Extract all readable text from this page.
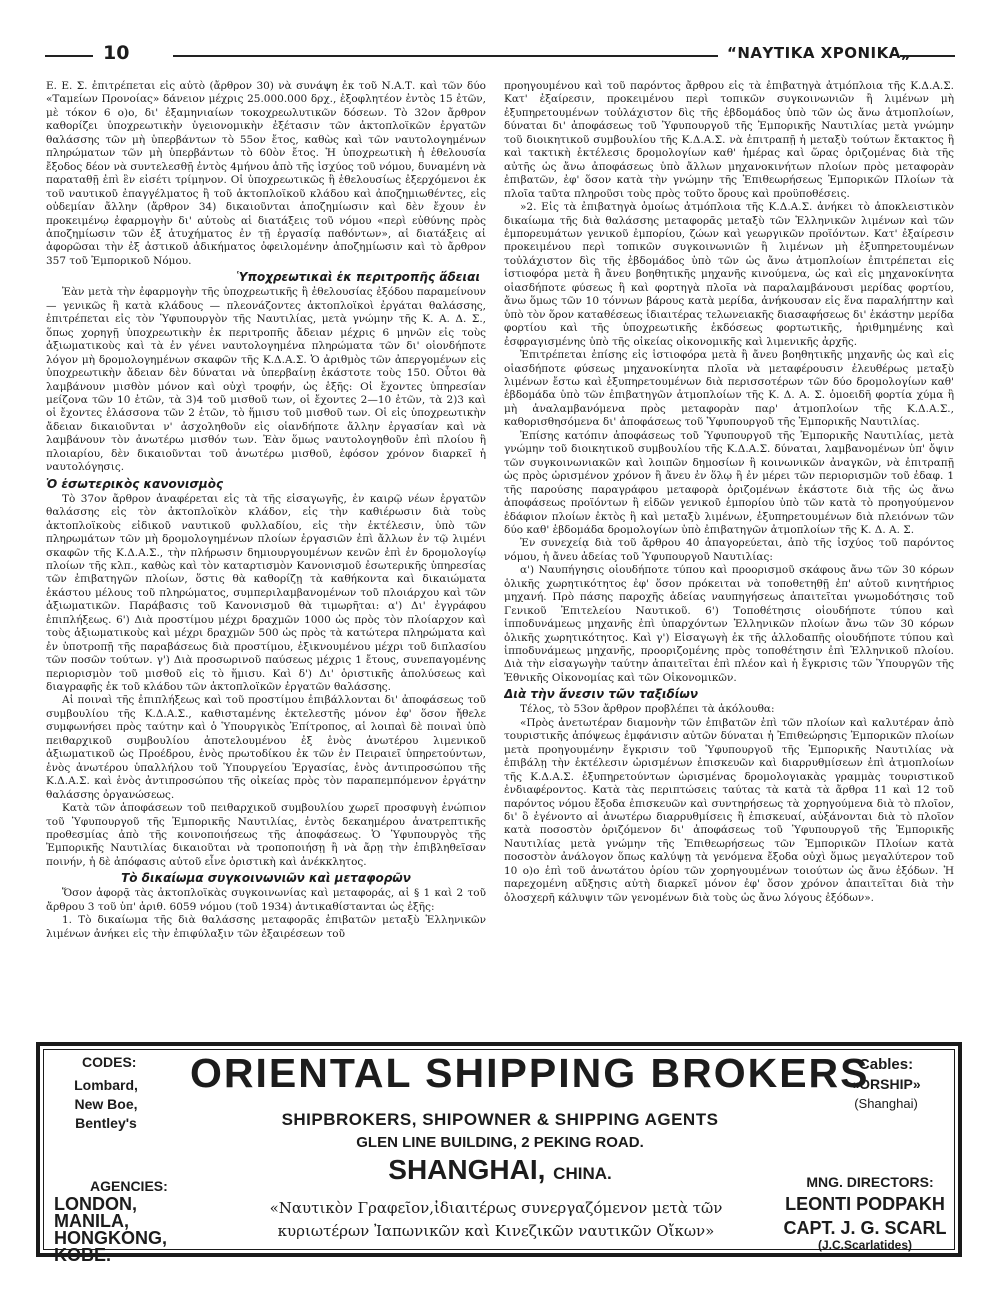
10	“ΝΑΥΤΙΚΑ ΧΡΟΝΙΚΑ„

Ε. Ε. Σ. ἐπιτρέπεται εἰς αὐτὸ (ἄρθρον 30) νὰ συνάψη ἐκ τοῦ Ν.Α.Τ. καὶ τῶν δύο «Ταμείων Προνοίας» δάνειον μέχρις 25.000.000 δρχ., ἐξοφλητέον ἐντὸς 15 ἐτῶν, μὲ τόκον 6 ο)ο, δι' ἐξαμηνιαίων τοκοχρεωλυτικῶν δόσεων. Τὸ 32ον ἄρθρον καθορίζει ὑποχρεωτικὴν ὑγειονομικὴν ἐξέτασιν τῶν ἀκτοπλοϊκῶν ἐργατῶν θαλάσσης τῶν μὴ ὑπερβάντων τὸ 55ον ἔτος, καθὼς καὶ τῶν ναυτολογημένων πληρώματων τῶν μὴ ὑπερβάντων τὸ 60ὸν ἔτος. Ἡ ὑποχρεωτικὴ ἡ ἐθελουσία ἔξοδος δέον νὰ συντελεσθῇ ἐντὸς 4μήνου ἀπὸ τῆς ἰσχύος τοῦ νόμου, δυναμένη νὰ παραταθῇ ἐπὶ ἓν εἰσέτι τρίμηνον. Οἱ ὑποχρεωτικῶς ἢ ἐθελουσίως ἐξερχόμενοι ἐκ τοῦ ναυτικοῦ ἐπαγγέλματος ἢ τοῦ ἀκτοπλοϊκοῦ κλάδου καὶ ἀποζημιωθέντες, εἰς οὐδεμίαν ἄλλην (ἄρθρον 34) δικαιοῦνται ἀποζημίωσιν καὶ δὲν ἔχουν ἐν προκειμένῳ ἐφαρμογὴν δι' αὐτοὺς αἱ διατάξεις τοῦ νόμου «περὶ εὐθύνης πρὸς ἀποζημίωσιν τῶν ἐξ ἀτυχήματος ἐν τῇ ἐργασίᾳ παθόντων», αἱ διατάξεις αἱ ἀφορῶσαι τὴν ἐξ ἀστικοῦ ἀδικήματος ὀφειλομένην ἀποζημίωσιν καὶ τὸ ἄρθρον 357 τοῦ Ἐμπορικοῦ Νόμου.

Ὑποχρεωτικαὶ ἐκ περιτροπῆς ἄδειαι

Ἐὰν μετὰ τὴν ἐφαρμογὴν τῆς ὑποχρεωτικῆς ἢ ἐθελουσίας ἐξόδου παραμείνουν — γενικῶς ἢ κατὰ κλάδους — πλεονάζοντες ἀκτοπλοϊκοὶ ἐργάται θαλάσσης, ἐπιτρέπεται εἰς τὸν Ὑφυπουργὸν τῆς Ναυτιλίας, μετὰ γνώμην τῆς Κ. Α. Δ. Σ., ὅπως χορηγῇ ὑποχρεωτικὴν ἐκ περιτροπῆς ἄδειαν μέχρις 6 μηνῶν εἰς τοὺς ἀξιωματικοὺς καὶ τὰ ἐν γένει ναυτολογημένα πληρώματα τῶν δι' οἱονδήποτε λόγον μὴ δρομολογημένων σκαφῶν τῆς Κ.Δ.Α.Σ. Ὁ ἀριθμὸς τῶν ἀπεργομένων εἰς ὑποχρεωτικὴν ἄδειαν δὲν δύναται νὰ ὑπερβαίνῃ ἑκάστοτε τοὺς 150. Οὗτοι θὰ λαμβάνουν μισθὸν μόνον καὶ οὐχὶ τροφήν, ὡς ἑξῆς: Οἱ ἔχοντες ὑπηρεσίαν μείζονα τῶν 10 ἐτῶν, τὰ 3)4 τοῦ μισθοῦ των, οἱ ἔχοντες 2—10 ἐτῶν, τὰ 2)3 καὶ οἱ ἔχοντες ἐλάσσονα τῶν 2 ἐτῶν, τὸ ἥμισυ τοῦ μισθοῦ των. Οἱ εἰς ὑποχρεωτικὴν ἄδειαν δικαιοῦνται ν' ἀσχοληθοῦν εἰς οἱανδήποτε ἄλλην ἐργασίαν καὶ νὰ λαμβάνουν τὸν ἀνωτέρω μισθόν των. Ἐὰν ὅμως ναυτολογηθοῦν ἐπὶ πλοίου ἢ πλοιαρίου, δὲν δικαιοῦνται τοῦ ἀνωτέρω μισθοῦ, ἐφόσον χρόνον διαρκεῖ ἡ ναυτολόγησις.

Ὁ ἐσωτερικὸς κανονισμὸς

Τὸ 37ον ἄρθρον ἀναφέρεται εἰς τὰ τῆς εἰσαγωγῆς, ἐν καιρῷ νέων ἐργατῶν θαλάσσης εἰς τὸν ἀκτοπλοϊκὸν κλάδον, εἰς τὴν καθιέρωσιν διὰ τοὺς ἀκτοπλοϊκοὺς εἰδικοῦ ναυτικοῦ φυλλαδίου, εἰς τὴν ἐκτέλεσιν, ὑπὸ τῶν πληρωμάτων τῶν μὴ δρομολογημένων πλοίων ἐργασιῶν ἐπὶ ἄλλων ἐν τῷ λιμένι σκαφῶν τῆς Κ.Δ.Α.Σ., τὴν πλήρωσιν δημιουργουμένων κενῶν ἐπὶ ἐν δρομολογίῳ πλοίων τῆς κλπ., καθὼς καὶ τὸν καταρτισμὸν Κανονισμοῦ ἐσωτερικῆς ὑπηρεσίας τῶν ἐπιβατηγῶν πλοίων, ὅστις θὰ καθορίζῃ τὰ καθήκοντα καὶ δικαιώματα ἑκάστου μέλους τοῦ πληρώματος, συμπεριλαμβανομένων τοῦ πλοιάρχου καὶ τῶν ἀξιωματικῶν. Παράβασις τοῦ Κανονισμοῦ θὰ τιμωρῆται: α') Δι' ἐγγράφου ἐπιπλήξεως. 6') Διὰ προστίμου μέχρι δραχμῶν 1000 ὡς πρὸς τὸν πλοίαρχον καὶ τοὺς ἀξιωματικοὺς καὶ μέχρι δραχμῶν 500 ὡς πρὸς τὰ κατώτερα πληρώματα καὶ ἐν ὑποτροπῇ τῆς παραβάσεως διὰ προστίμου, ἐξικνουμένου μέχρι τοῦ διπλασίου τῶν ποσῶν τούτων. γ') Διὰ προσωρινοῦ παύσεως μέχρις 1 ἔτους, συνεπαγομένης περιορισμὸν τοῦ μισθοῦ εἰς τὸ ἥμισυ. Καὶ δ') Δι' ὁριστικῆς ἀπολύσεως καὶ διαγραφῆς ἐκ τοῦ κλάδου τῶν ἀκτοπλοϊκῶν ἐργατῶν θαλάσσης.

Αἱ ποιναὶ τῆς ἐπιπλήξεως καὶ τοῦ προστίμου ἐπιβάλλονται δι' ἀποφάσεως τοῦ συμβουλίου τῆς Κ.Δ.Α.Σ., καθισταμένης ἐκτελεστῆς μόνον ἐφ' ὅσον ἤθελε συμφωνήσει πρὸς ταύτην καὶ ὁ Ὑπουργικὸς Ἐπίτροπος, αἱ λοιπαὶ δὲ ποιναὶ ὑπὸ πειθαρχικοῦ συμβουλίου ἀποτελουμένου ἐξ ἑνὸς ἀνωτέρου λιμενικοῦ ἀξιωματικοῦ ὡς Προέδρου, ἑνὸς πρωτοδίκου ἐκ τῶν ἐν Πειραιεῖ ὑπηρετούντων, ἑνὸς ἀνωτέρου ὑπαλλήλου τοῦ Ὑπουργείου Ἐργασίας, ἑνὸς ἀντιπροσώπου τῆς Κ.Δ.Α.Σ. καὶ ἑνὸς ἀντιπροσώπου τῆς οἰκείας πρὸς τὸν παραπεμπόμενον ἐργάτην θαλάσσης ὀργανώσεως.

Κατὰ τῶν ἀποφάσεων τοῦ πειθαρχικοῦ συμβουλίου χωρεῖ προσφυγὴ ἐνώπιον τοῦ Ὑφυπουργοῦ τῆς Ἐμπορικῆς Ναυτιλίας, ἐντὸς δεκαημέρου ἀνατρεπτικῆς προθεσμίας ἀπὸ τῆς κοινοποιήσεως τῆς ἀποφάσεως. Ὁ Ὑφυπουργὸς τῆς Ἐμπορικῆς Ναυτιλίας δικαιοῦται νὰ τροποποιήσῃ ἢ νὰ ἄρῃ τὴν ἐπιβληθεῖσαν ποινήν, ἡ δὲ ἀπόφασις αὐτοῦ εἶνε ὁριστικὴ καὶ ἀνέκκλητος.

Τὸ δικαίωμα συγκοινωνιῶν καὶ μεταφορῶν

Ὅσον ἀφορᾷ τὰς ἀκτοπλοϊκὰς συγκοινωνίας καὶ μεταφοράς, αἱ § 1 καὶ 2 τοῦ ἄρθρου 3 τοῦ ὑπ' ἀριθ. 6059 νόμου (τοῦ 1934) ἀντικαθίστανται ὡς ἑξῆς:

1. Τὸ δικαίωμα τῆς διὰ θαλάσσης μεταφορᾶς ἐπιβατῶν μεταξὺ Ἑλληνικῶν λιμένων ἀνήκει εἰς τὴν ἐπιφύλαξιν τῶν ἐξαιρέσεων τοῦ

προηγουμένου καὶ τοῦ παρόντος ἄρθρου εἰς τὰ ἐπιβατηγὰ ἀτμόπλοια τῆς Κ.Δ.Α.Σ. Κατ' ἐξαίρεσιν, προκειμένου περὶ τοπικῶν συγκοινωνιῶν ἢ λιμένων μὴ ἐξυπηρετουμένων τοὐλάχιστον δὶς τῆς ἑβδομάδος ὑπὸ τῶν ὡς ἄνω ἀτμοπλοίων, δύναται δι' ἀποφάσεως τοῦ Ὑφυπουργοῦ τῆς Ἐμπορικῆς Ναυτιλίας μετὰ γνώμην τοῦ διοικητικοῦ συμβουλίου τῆς Κ.Δ.Α.Σ. νὰ ἐπιτραπῇ ἡ μεταξὺ τούτων ἔκτακτος ἢ καὶ τακτικὴ ἐκτέλεσις δρομολογίων καθ' ἡμέρας καὶ ὥρας ὁριζομένας διὰ τῆς αὐτῆς ὡς ἄνω ἀποφάσεως ὑπὸ ἄλλων μηχανοκινήτων πλοίων πρὸς μεταφορὰν ἐπιβατῶν, ἐφ' ὅσον κατὰ τὴν γνώμην τῆς Ἐπιθεωρήσεως Ἐμπορικῶν Πλοίων τὰ πλοῖα ταῦτα πληροῦσι τοὺς πρὸς τοῦτο ὅρους καὶ προϋποθέσεις.

»2. Εἰς τὰ ἐπιβατηγὰ ὁμοίως ἀτμόπλοια τῆς Κ.Δ.Α.Σ. ἀνήκει τὸ ἀποκλειστικὸν δικαίωμα τῆς διὰ θαλάσσης μεταφορᾶς μεταξὺ τῶν Ἑλληνικῶν λιμένων καὶ τῶν ἐμπορευμάτων γενικοῦ ἐμπορίου, ζώων καὶ γεωργικῶν προϊόντων. Κατ' ἐξαίρεσιν προκειμένου περὶ τοπικῶν συγκοινωνιῶν ἢ λιμένων μὴ ἐξυπηρετουμένων τοὐλάχιστον δὶς τῆς ἑβδομάδος ὑπὸ τῶν ὡς ἄνω ἀτμοπλοίων ἐπιτρέπεται εἰς ἱστιοφόρα μετὰ ἢ ἄνευ βοηθητικῆς μηχανῆς κινούμενα, ὡς καὶ εἰς μηχανοκίνητα οἱασδήποτε φύσεως ἢ καὶ φορτηγὰ πλοῖα νὰ παραλαμβάνουσι μερίδας φορτίου, ἄνω ὅμως τῶν 10 τόννων βάρους κατὰ μερίδα, ἀνήκουσαν εἰς ἕνα παραλήπτην καὶ ὑπὸ τὸν ὅρον καταθέσεως ἰδιαιτέρας τελωνειακῆς διασαφήσεως δι' ἑκάστην μερίδα φορτίου καὶ τῆς ὑποχρεωτικῆς ἐκδόσεως φορτωτικῆς, ἠριθμημένης καὶ ἐσφραγισμένης ὑπὸ τῆς οἰκείας οἰκονομικῆς καὶ λιμενικῆς ἀρχῆς.

Ἐπιτρέπεται ἐπίσης εἰς ἱστιοφόρα μετὰ ἢ ἄνευ βοηθητικῆς μηχανῆς ὡς καὶ εἰς οἱασδήποτε φύσεως μηχανοκίνητα πλοῖα νὰ μεταφέρουσιν ἐλευθέρως μεταξὺ λιμένων ἔστω καὶ ἐξυπηρετουμένων διὰ περισσοτέρων τῶν δύο δρομολογίων καθ' ἑβδομάδα ὑπὸ τῶν ἐπιβατηγῶν ἀτμοπλοίων τῆς Κ. Δ. Α. Σ. ὁμοειδῆ φορτία χύμα ἢ μὴ ἀναλαμβανόμενα πρὸς μεταφορὰν παρ' ἀτμοπλοίων τῆς Κ.Δ.Α.Σ., καθορισθησόμενα δι' ἀποφάσεως τοῦ Ὑφυπουργοῦ τῆς Ἐμπορικῆς Ναυτιλίας.

Ἐπίσης κατόπιν ἀποφάσεως τοῦ Ὑφυπουργοῦ τῆς Ἐμπορικῆς Ναυτιλίας, μετὰ γνώμην τοῦ διοικητικοῦ συμβουλίου τῆς Κ.Δ.Α.Σ. δύναται, λαμβανομένων ὑπ' ὄψιν τῶν συγκοινωνιακῶν καὶ λοιπῶν δημοσίων ἢ κοινωνικῶν ἀναγκῶν, νὰ ἐπιτραπῇ ὡς πρὸς ὡρισμένον χρόνον ἢ ἄνευ ἐν ὅλῳ ἢ ἐν μέρει τῶν περιορισμῶν τοῦ ἐδαφ. 1 τῆς παρούσης παραγράφου μεταφορὰ ὁριζομένων ἑκάστοτε διὰ τῆς ὡς ἄνω ἀποφάσεως προϊόντων ἢ εἰδῶν γενικοῦ ἐμπορίου ὑπὸ τῶν κατὰ τὸ προηγούμενον ἐδάφιον πλοίων ἐκτὸς ἢ καὶ μεταξὺ λιμένων, ἐξυπηρετουμένων διὰ πλειόνων τῶν δύο καθ' ἑβδομάδα δρομολογίων ὑπὸ ἐπιβατηγῶν ἀτμοπλοίων τῆς Κ. Δ. Α. Σ.

Ἐν συνεχείᾳ διὰ τοῦ ἄρθρου 40 ἀπαγορεύεται, ἀπὸ τῆς ἰσχύος τοῦ παρόντος νόμου, ἡ ἄνευ ἀδείας τοῦ Ὑφυπουργοῦ Ναυτιλίας:

α') Ναυπήγησις οἱουδήποτε τύπου καὶ προορισμοῦ σκάφους ἄνω τῶν 30 κόρων ὁλικῆς χωρητικότητος ἐφ' ὅσον πρόκειται νὰ τοποθετηθῇ ἐπ' αὐτοῦ κινητήριος μηχανή. Πρὸ πάσης παροχῆς ἀδείας ναυπηγήσεως ἀπαιτεῖται γνωμοδότησις τοῦ Γενικοῦ Ἐπιτελείου Ναυτικοῦ. 6') Τοποθέτησις οἱουδήποτε τύπου καὶ ἱπποδυνάμεως μηχανῆς ἐπὶ ὑπαρχόντων Ἑλληνικῶν πλοίων ἄνω τῶν 30 κόρων ὁλικῆς χωρητικότητος. Καὶ γ') Εἰσαγωγὴ ἐκ τῆς ἀλλοδαπῆς οἱουδήποτε τύπου καὶ ἱπποδυνάμεως μηχανῆς, προοριζομένης πρὸς τοποθέτησιν ἐπὶ Ἑλληνικοῦ πλοίου. Διὰ τὴν εἰσαγωγὴν ταύτην ἀπαιτεῖται ἐπὶ πλέον καὶ ἡ ἔγκρισις τῶν Ὑπουργῶν τῆς Ἐθνικῆς Οἰκονομίας καὶ τῶν Οἰκονομικῶν.

Διὰ τὴν ἄνεσιν τῶν ταξιδίων

Τέλος, τὸ 53ον ἄρθρον προβλέπει τὰ ἀκόλουθα:

«Πρὸς ἀνετωτέραν διαμονὴν τῶν ἐπιβατῶν ἐπὶ τῶν πλοίων καὶ καλυτέραν ἀπὸ τουριστικῆς ἀπόψεως ἐμφάνισιν αὐτῶν δύναται ἡ Ἐπιθεώρησις Ἐμπορικῶν πλοίων μετὰ προηγουμένην ἔγκρισιν τοῦ Ὑφυπουργοῦ τῆς Ἐμπορικῆς Ναυτιλίας νὰ ἐπιβάλῃ τὴν ἐκτέλεσιν ὡρισμένων ἐπισκευῶν καὶ διαρρυθμίσεων ἐπὶ ἀτμοπλοίων τῆς Κ.Δ.Α.Σ. ἐξυπηρετούντων ὡρισμένας δρομολογιακὰς γραμμὰς τουριστικοῦ ἐνδιαφέροντος. Κατὰ τὰς περιπτώσεις ταύτας τὰ κατὰ τὰ ἄρθρα 11 καὶ 12 τοῦ παρόντος νόμου ἔξοδα ἐπισκευῶν καὶ συντηρήσεως τὰ χορηγούμενα διὰ τὸ πλοῖον, δι' ὃ ἐγένοντο αἱ ἀνωτέρω διαρρυθμίσεις ἢ ἐπισκευαί, αὐξάνονται διὰ τὸ πλοῖον κατὰ ποσοστὸν ὁριζόμενον δι' ἀποφάσεως τοῦ Ὑφυπουργοῦ τῆς Ἐμπορικῆς Ναυτιλίας μετὰ γνώμην τῆς Ἐπιθεωρήσεως τῶν Ἐμπορικῶν Πλοίων κατὰ ποσοστὸν ἀνάλογον ὅπως καλύψῃ τὰ γενόμενα ἔξοδα οὐχὶ ὅμως μεγαλύτερον τοῦ 10 ο)ο ἐπὶ τοῦ ἀνωτάτου ὁρίου τῶν χορηγουμένων τοιούτων ὡς ἄνω ἐξόδων. Ἡ παρεχομένη αὔξησις αὐτὴ διαρκεῖ μόνον ἐφ' ὅσον χρόνον ἀπαιτεῖται διὰ τὴν ὁλοσχερῆ κάλυψιν τῶν γενομένων διὰ τοὺς ὡς ἄνω λόγους ἐξόδων».

CODES:
Lombard,
New Boe,
Bentley's
ORIENTAL SHIPPING BROKERS
SHIPBROKERS, SHIPOWNER & SHIPPING AGENTS
GLEN LINE BUILDING, 2 PEKING ROAD.
SHANGHAI, CHINA.
Cables:
«ORSHIP»
(Shanghai)
AGENCIES:
LONDON,
MANILA,
HONGKONG,
KOBE.
«Ναυτικὸν Γραφεῖον,ἰδιαιτέρως συνεργαζόμενον μετὰ τῶν κυριωτέρων Ἰαπωνικῶν καὶ Κινεζικῶν ναυτικῶν Οἴκων»
MNG. DIRECTORS:
LEONTI PODPAKH
CAPT. J. G. SCARL
(J.C.Scarlatides)
